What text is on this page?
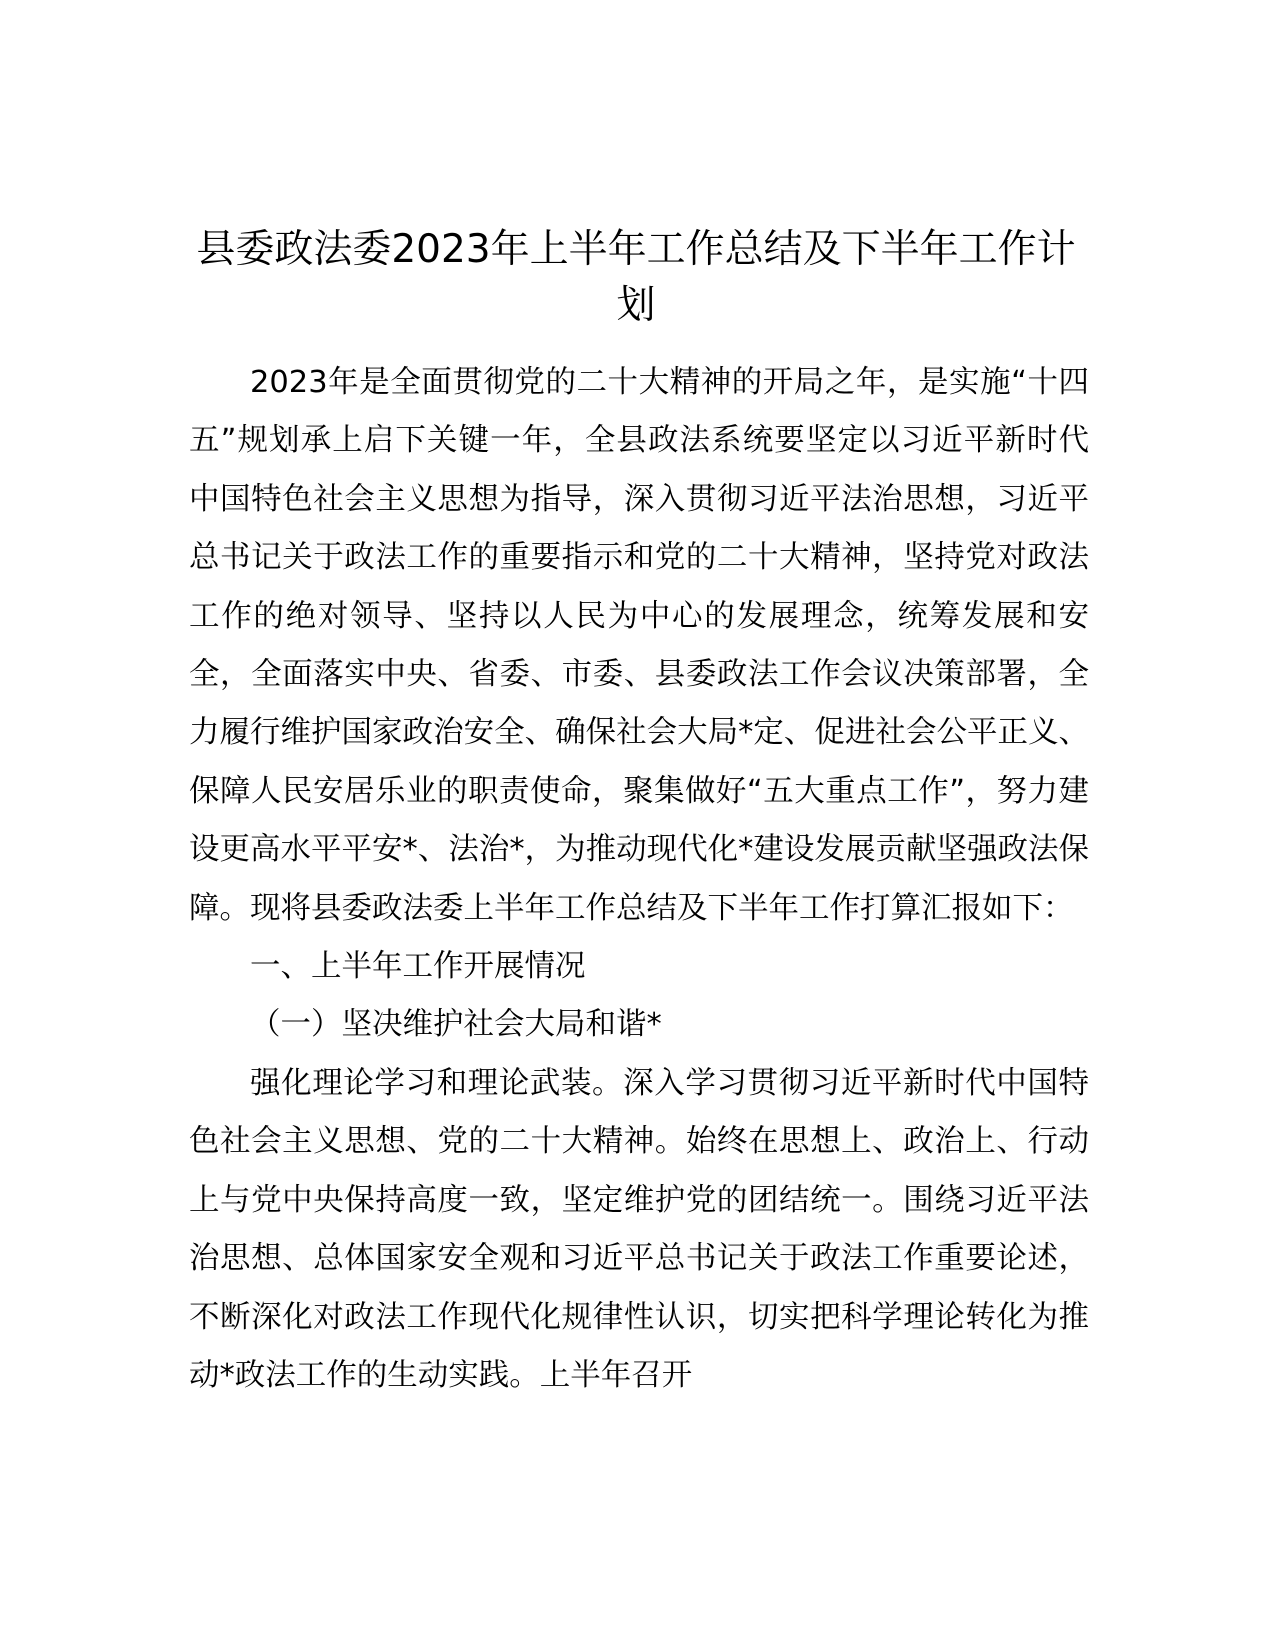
县委政法委2023年上半年工作总结及下半年工作计划

2023年是全面贯彻党的二十大精神的开局之年，是实施“十四五”规划承上启下关键一年，全县政法系统要坚定以习近平新时代中国特色社会主义思想为指导，深入贯彻习近平法治思想，习近平总书记关于政法工作的重要指示和党的二十大精神，坚持党对政法工作的绝对领导、坚持以人民为中心的发展理念，统筹发展和安全，全面落实中央、省委、市委、县委政法工作会议决策部署，全力履行维护国家政治安全、确保社会大局*定、促进社会公平正义、保障人民安居乐业的职责使命，聚集做好“五大重点工作”，努力建设更高水平平安*、法治*，为推动现代化*建设发展贡献坚强政法保障。现将县委政法委上半年工作总结及下半年工作打算汇报如下：

一、上半年工作开展情况

（一）坚决维护社会大局和谐*

强化理论学习和理论武装。深入学习贯彻习近平新时代中国特色社会主义思想、党的二十大精神。始终在思想上、政治上、行动上与党中央保持高度一致，坚定维护党的团结统一。围绕习近平法治思想、总体国家安全观和习近平总书记关于政法工作重要论述，不断深化对政法工作现代化规律性认识，切实把科学理论转化为推动*政法工作的生动实践。上半年召开
